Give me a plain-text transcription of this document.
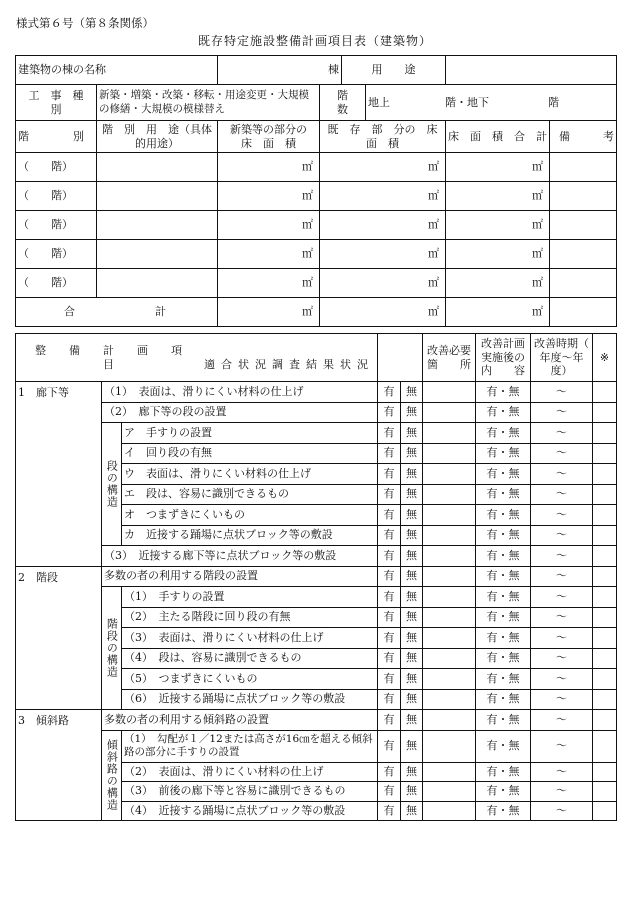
様式第６号（第８条関係）
既存特定施設整備計画項目表（建築物）
建築物の棟の名称		棟		用　　途			
工　事　種　別	新築・増築・改築・移転・用途変更・大規模の修繕・大規模の模様替え		階　　数		地上 階・地下 階		
階　　　　別	階　別　用　途（具体的用途）	新築等の部分の　床　面　積	既　存　部　分の　床　面　積			床　面　積　合　計	備　　　考
（　　階）		㎡	㎡			㎡	
（　　階）		㎡	㎡			㎡	
（　　階）		㎡	㎡			㎡	
（　　階）		㎡	㎡			㎡	
（　　階）		㎡	㎡			㎡	
合 計		㎡	㎡			㎡	
整　備　計　画　項　目 適合状況調査結果状況					改善必要箇　　所	改善計画実施後の内　　容	改善時期（　年度〜年度）	※
1　廊下等	（1）　表面は、滑りにくい材料の仕上げ		有	無		有・無	〜	
	（2）　廊下等の段の設置		有	無		有・無	〜	
	段の構造	ア　手すりの設置	有	無		有・無	〜	
		イ　回り段の有無	有	無		有・無	〜	
		ウ　表面は、滑りにくい材料の仕上げ	有	無		有・無	〜	
		エ　段は、容易に識別できるもの	有	無		有・無	〜	
		オ　つまずきにくいもの	有	無		有・無	〜	
		カ　近接する踊場に点状ブロック等の敷設	有	無		有・無	〜	
	（3）　近接する廊下等に点状ブロック等の敷設		有	無		有・無	〜	
2　階段	多数の者の利用する階段の設置		有	無		有・無	〜	
	階段の構造	（1）　手すりの設置	有	無		有・無	〜	
		（2）　主たる階段に回り段の有無	有	無		有・無	〜	
		（3）　表面は、滑りにくい材料の仕上げ	有	無		有・無	〜	
		（4）　段は、容易に識別できるもの	有	無		有・無	〜	
		（5）　つまずきにくいもの	有	無		有・無	〜	
		（6）　近接する踊場に点状ブロック等の敷設	有	無		有・無	〜	
3　傾斜路	多数の者の利用する傾斜路の設置		有	無		有・無	〜	
	傾斜路の構造	（1）　勾配が１／12または高さが16㎝を超える傾斜路の部分に手すりの設置	有	無		有・無	〜	
		（2）　表面は、滑りにくい材料の仕上げ	有	無		有・無	〜	
		（3）　前後の廊下等と容易に識別できるもの	有	無		有・無	〜	
		（4）　近接する踊場に点状ブロック等の敷設	有	無		有・無	〜	
